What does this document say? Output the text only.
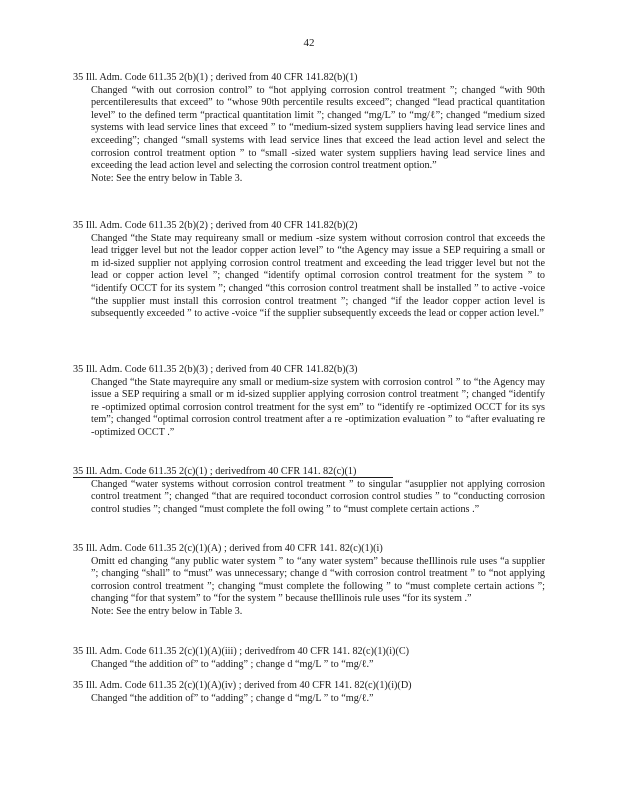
42
35 Ill. Adm. Code 611.35 2(b)(1) ; derived from 40 CFR 141.82(b)(1)
Changed “with out corrosion control” to “hot applying corrosion control treatment ”; changed “with 90th percentileresults that exceed” to “whose 90th percentile results exceed”; changed “lead practical quantitation level” to the defined term “practical quantitation limit ”; changed “mg/L” to “mg/ℓ”; changed “medium sized systems with lead service lines that exceed ” to “medium-sized system suppliers having lead service lines and exceeding”; changed “small systems with lead service lines that exceed the lead action level and select the corrosion control treatment option ” to “small -sized water system suppliers having lead service lines and exceeding the lead action level and selecting the corrosion control treatment option.”
Note: See the entry below in Table 3.
35 Ill. Adm. Code 611.35 2(b)(2) ; derived from 40 CFR 141.82(b)(2)
Changed “the State may requireany small or medium -size system without corrosion control that exceeds the lead trigger level but not the leador copper action level” to “the Agency may issue a SEP requiring a small or m id-sized supplier not applying corrosion control treatment and exceeding the lead trigger level but not the lead or copper action level ”; changed “identify optimal corrosion control treatment for the system ” to “identify OCCT for its system ”; changed “this corrosion control treatment shall be installed ” to active -voice “the supplier must install this corrosion control treatment ”; changed “if the leador copper action level is subsequently exceeded ” to active -voice “if the supplier subsequently exceeds the lead or copper action level.”
35 Ill. Adm. Code 611.35 2(b)(3) ; derived from 40 CFR 141.82(b)(3)
Changed “the State mayrequire any small or medium-size system with corrosion control ” to “the Agency may issue a SEP requiring a small or m id-sized supplier applying corrosion control treatment ”; changed “identify re -optimized optimal corrosion control treatment for the syst em” to “identify re -optimized OCCT for its sys tem”; changed “optimal corrosion control treatment after a re -optimization evaluation ” to “after evaluating re -optimized OCCT .”
35 Ill. Adm. Code 611.35 2(c)(1) ; derivedfrom 40 CFR 141. 82(c)(1)
Changed “water systems without corrosion control treatment ” to singular “asupplier not applying corrosion control treatment ”; changed “that are required toconduct corrosion control studies ” to “conducting corrosion control studies ”; changed “must complete the foll owing ” to “must complete certain actions .”
35 Ill. Adm. Code 611.35 2(c)(1)(A) ; derived from 40 CFR 141. 82(c)(1)(i)
Omitt ed changing “any public water system ” to “any water system” because theIllinois rule uses “a supplier ”; changing “shall” to “must” was unnecessary; change d “with corrosion control treatment ” to “not applying corrosion control treatment ”; changing “must complete the following ” to “must complete certain actions ”; changing “for that system” to “for the system ” because theIllinois rule uses “for its system .”
Note: See the entry below in Table 3.
35 Ill. Adm. Code 611.35 2(c)(1)(A)(iii) ; derivedfrom 40 CFR 141. 82(c)(1)(i)(C)
Changed “the addition of” to “adding” ; change d “mg/L ” to “mg/ℓ.”
35 Ill. Adm. Code 611.35 2(c)(1)(A)(iv) ; derived from 40 CFR 141. 82(c)(1)(i)(D)
Changed “the addition of” to “adding” ; change d “mg/L ” to “mg/ℓ.”
